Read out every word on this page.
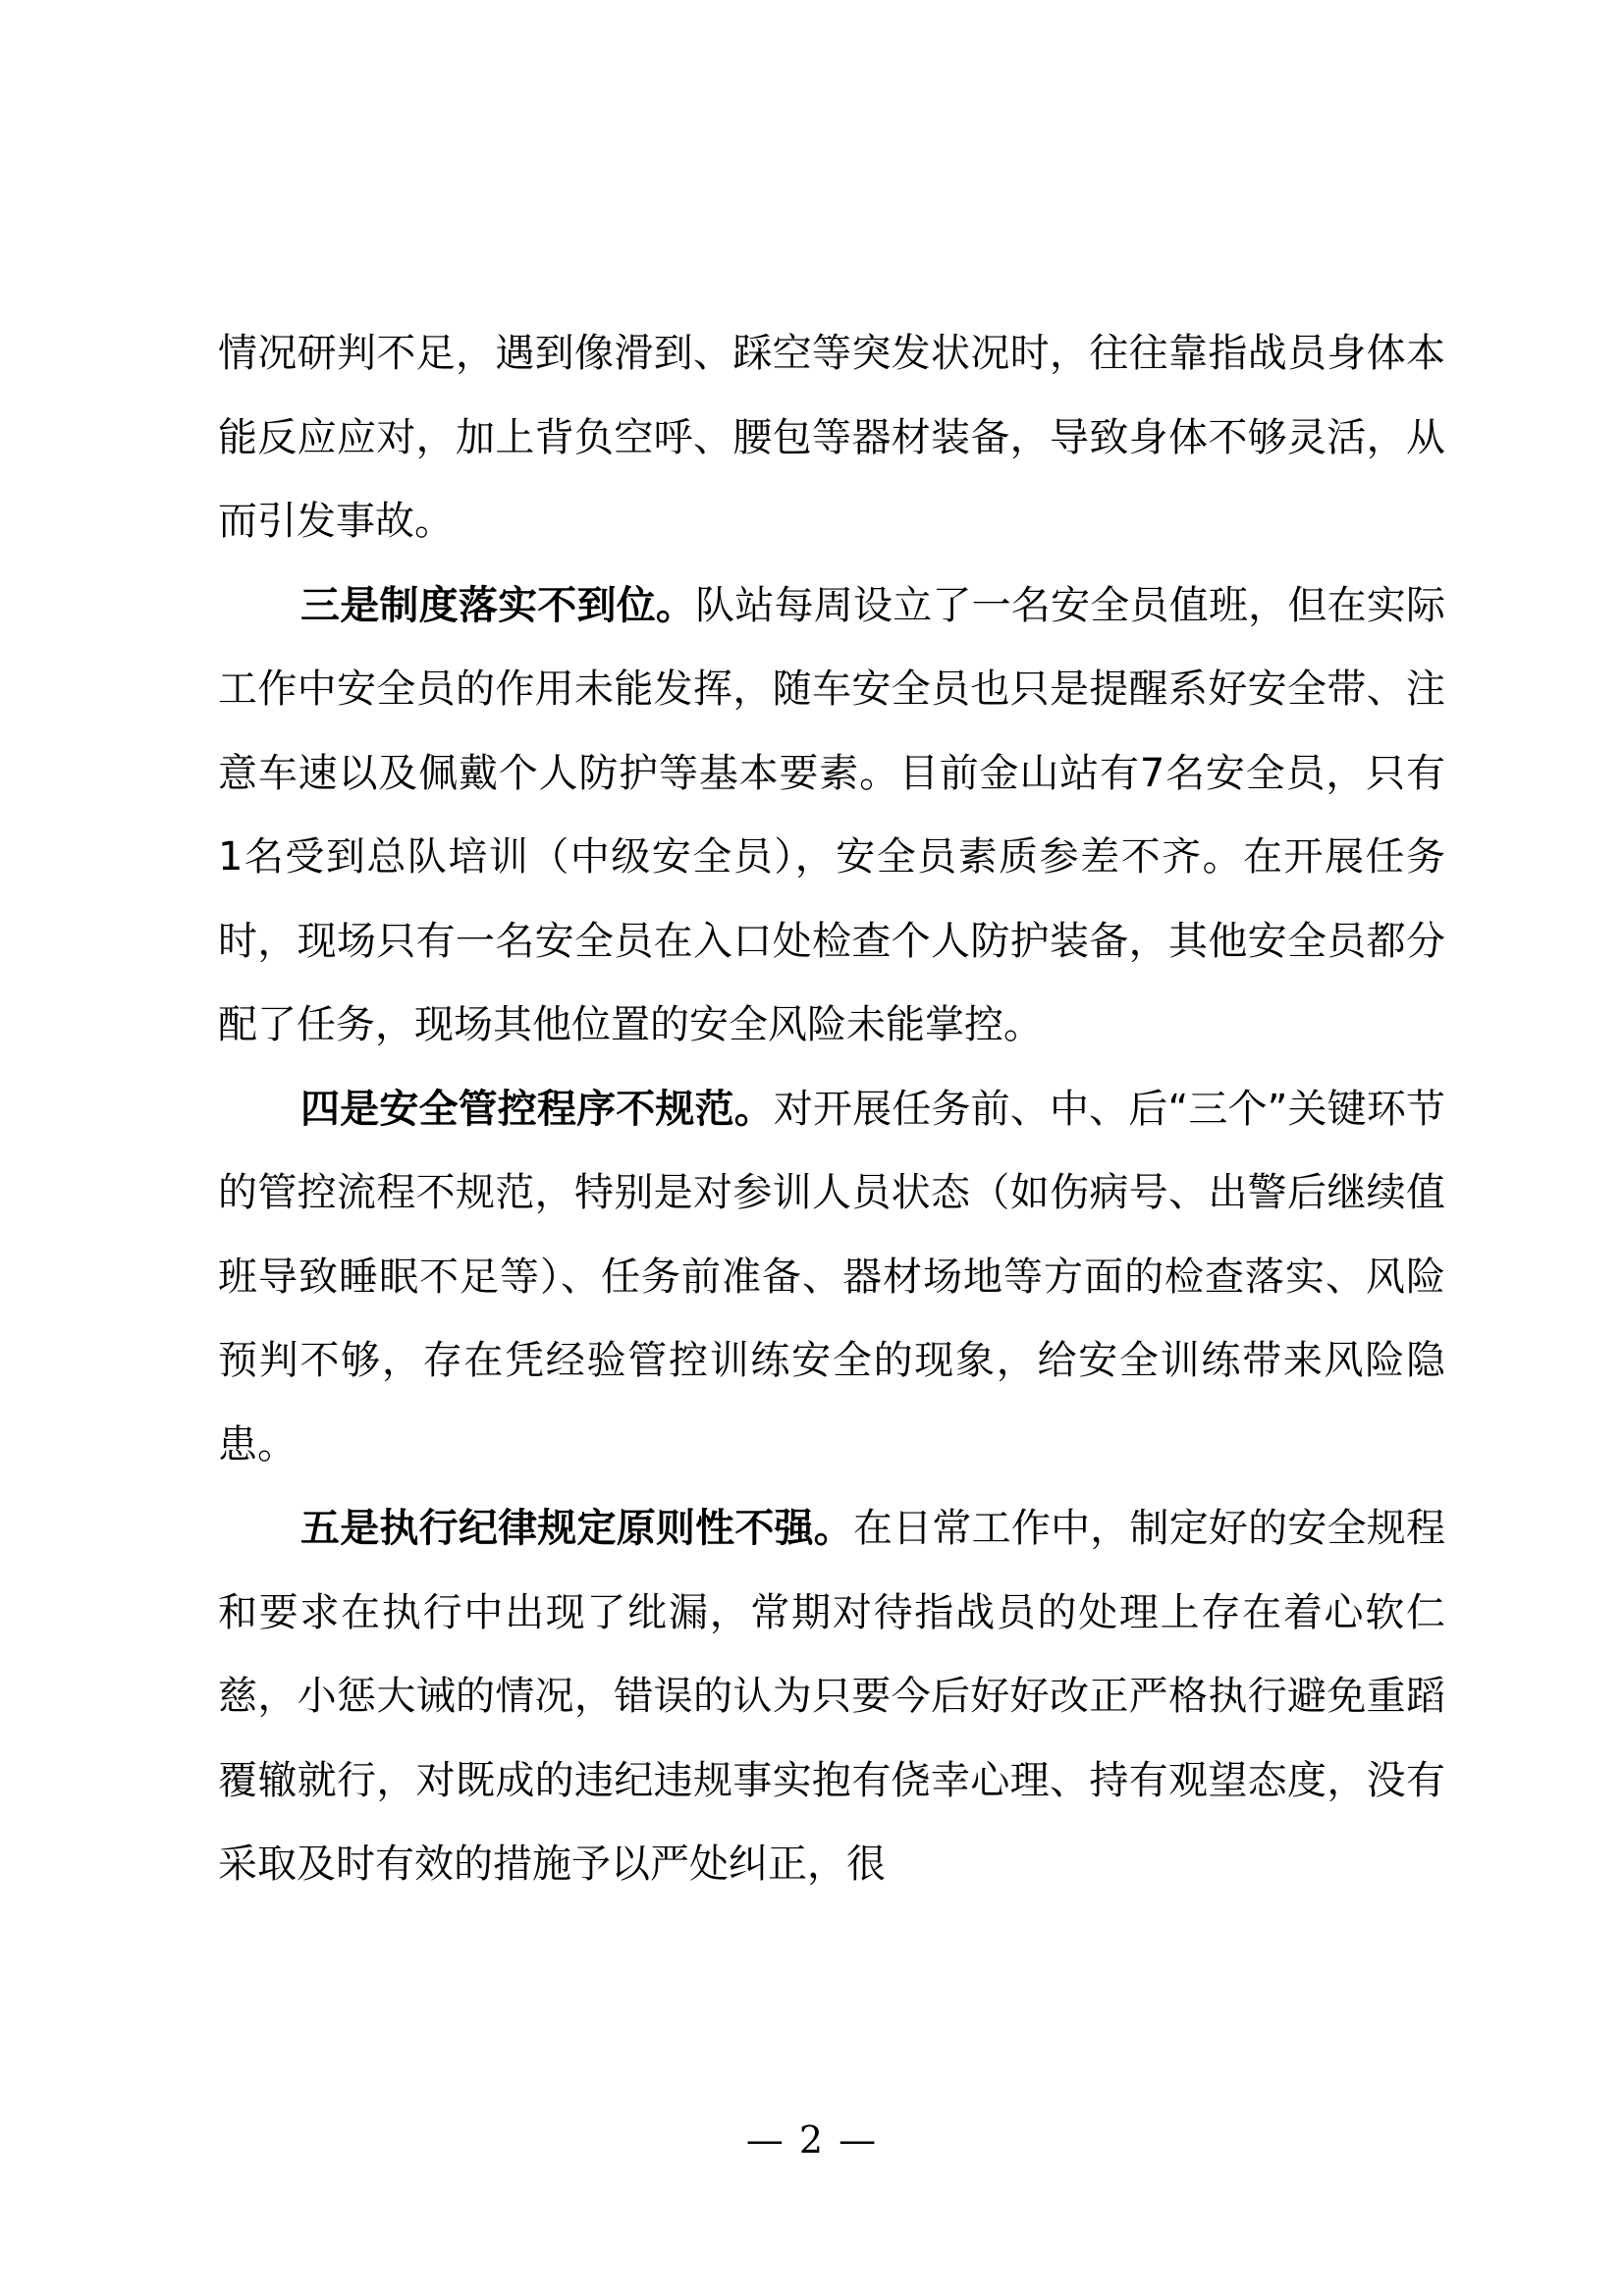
情况研判不足，遇到像滑到、踩空等突发状况时，往往靠指战员身体本能反应应对，加上背负空呼、腰包等器材装备，导致身体不够灵活，从而引发事故。

三是制度落实不到位。队站每周设立了一名安全员值班，但在实际工作中安全员的作用未能发挥，随车安全员也只是提醒系好安全带、注意车速以及佩戴个人防护等基本要素。目前金山站有7名安全员，只有1名受到总队培训（中级安全员），安全员素质参差不齐。在开展任务时，现场只有一名安全员在入口处检查个人防护装备，其他安全员都分配了任务，现场其他位置的安全风险未能掌控。

四是安全管控程序不规范。对开展任务前、中、后“三个”关键环节的管控流程不规范，特别是对参训人员状态（如伤病号、出警后继续值班导致睡眠不足等）、任务前准备、器材场地等方面的检查落实、风险预判不够，存在凭经验管控训练安全的现象，给安全训练带来风险隐患。

五是执行纪律规定原则性不强。在日常工作中，制定好的安全规程和要求在执行中出现了纰漏，常期对待指战员的处理上存在着心软仁慈，小惩大诫的情况，错误的认为只要今后好好改正严格执行避免重蹈覆辙就行，对既成的违纪违规事实抱有侥幸心理、持有观望态度，没有采取及时有效的措施予以严处纠正，很

— 2 —
